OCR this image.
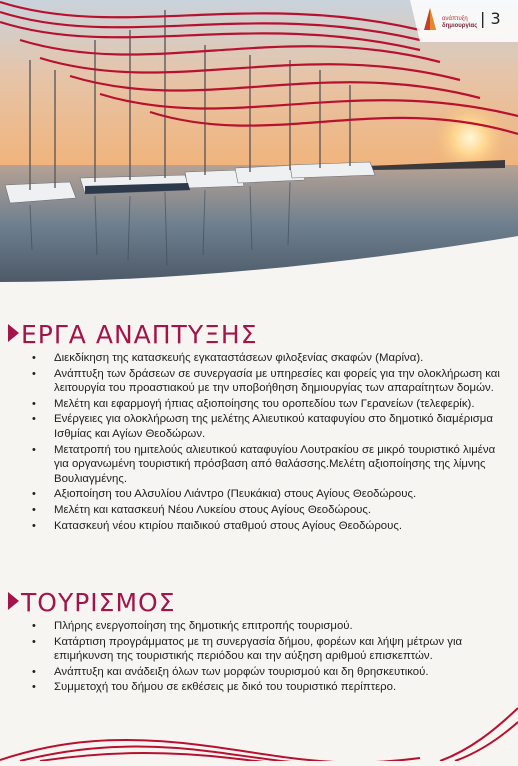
ανάπτυξη
δημιουργίας | 3
ΕΡΓΑ ΑΝΑΠΤΥΞΗΣ
• Διεκδίκηση της κατασκευής εγκαταστάσεων φιλοξενίας σκαφών (Μαρίνα).
• Ανάπτυξη των δράσεων σε συνεργασία με υπηρεσίες και φορείς για την ολοκλήρωση και λειτουργία του προαστιακού με την υποβοήθηση δημιουργίας των απαραίτητων δομών.
• Μελέτη και εφαρμογή ήπιας αξιοποίησης του οροπεδίου των Γερανείων (τελεφερίκ).
• Ενέργειες για ολοκλήρωση της μελέτης Αλιευτικού καταφυγίου στο δημοτικό διαμέρισμα Ισθμίας και Αγίων Θεοδώρων.
• Μετατροπή του ημιτελούς αλιευτικού καταφυγίου Λουτρακίου σε μικρό τουριστικό λιμένα για οργανωμένη τουριστική πρόσβαση από θαλάσσης.Μελέτη αξιοποίησης της λίμνης Βουλιαγμένης.
• Αξιοποίηση του Αλσυλίου Λιάντρο (Πευκάκια) στους Αγίους Θεοδώρους.
• Μελέτη και κατασκευή Νέου Λυκείου στους Αγίους Θεοδώρους.
• Κατασκευή νέου κτιρίου παιδικού σταθμού στους Αγίους Θεοδώρους.
ΤΟΥΡΙΣΜΟΣ
• Πλήρης ενεργοποίηση της δημοτικής επιτροπής τουρισμού.
• Κατάρτιση προγράμματος με τη συνεργασία δήμου, φορέων και λήψη μέτρων για επιμήκυνση της τουριστικής περιόδου και την αύξηση αριθμού επισκεπτών.
• Ανάπτυξη και ανάδειξη όλων των μορφών τουρισμού και δη θρησκευτικού.
• Συμμετοχή του δήμου σε εκθέσεις με δικό του τουριστικό περίπτερο.
